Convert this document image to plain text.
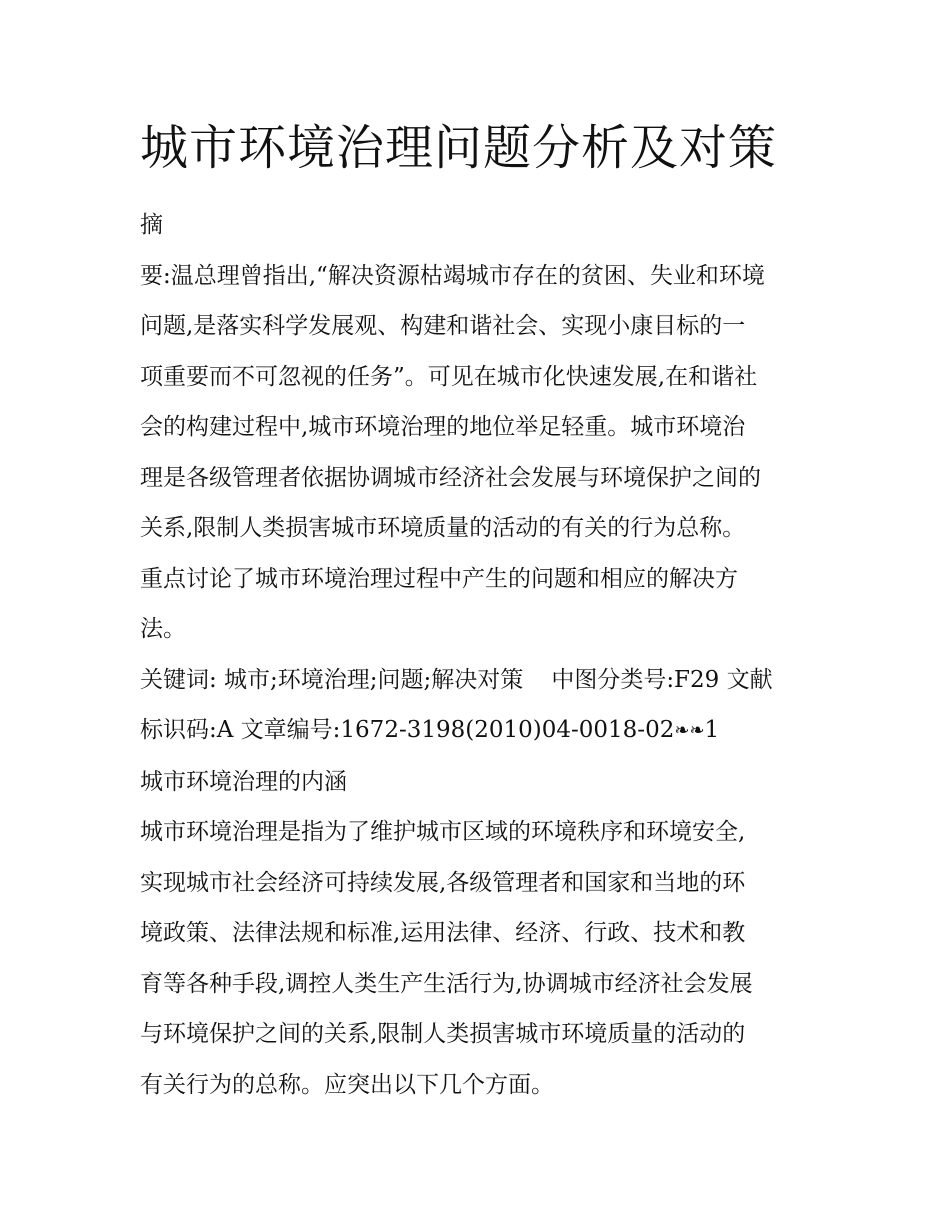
城市环境治理问题分析及对策

摘

要:温总理曾指出,“解决资源枯竭城市存在的贫困、失业和环境

问题,是落实科学发展观、构建和谐社会、实现小康目标的一

项重要而不可忽视的任务”。可见在城市化快速发展,在和谐社

会的构建过程中,城市环境治理的地位举足轻重。城市环境治

理是各级管理者依据协调城市经济社会发展与环境保护之间的

关系,限制人类损害城市环境质量的活动的有关的行为总称。

重点讨论了城市环境治理过程中产生的问题和相应的解决方

法。

关键词: 城市;环境治理;问题;解决对策 中图分类号:F29 文献

标识码:A 文章编号:1672-3198(2010)04-0018-02❧❧1

城市环境治理的内涵

城市环境治理是指为了维护城市区域的环境秩序和环境安全,

实现城市社会经济可持续发展,各级管理者和国家和当地的环

境政策、法律法规和标准,运用法律、经济、行政、技术和教

育等各种手段,调控人类生产生活行为,协调城市经济社会发展

与环境保护之间的关系,限制人类损害城市环境质量的活动的

有关行为的总称。应突出以下几个方面。
